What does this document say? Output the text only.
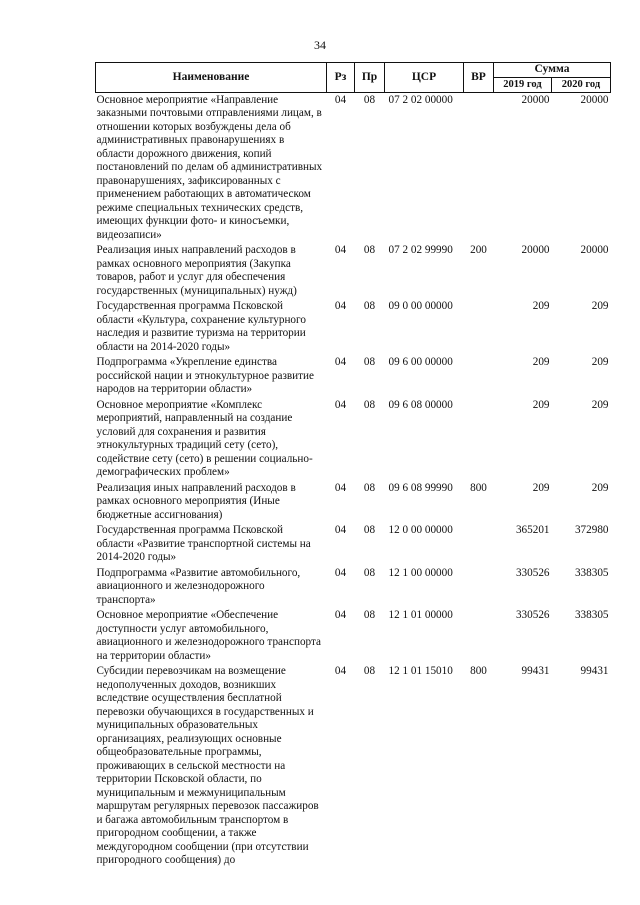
34
Наименование	Рз	Пр	ЦСР	ВР	Сумма	
					2019 год	2020 год
Основное мероприятие «Направление заказными почтовыми отправлениями лицам, в отношении которых возбуждены дела об административных правонарушениях в области дорожного движения, копий постановлений по делам об административных правонарушениях, зафиксированных с применением работающих в автоматическом режиме специальных технических средств, имеющих функции фото- и киносъемки, видеозаписи»	04	08	07 2 02 00000		20000	20000
Реализация иных направлений расходов в рамках основного мероприятия (Закупка товаров, работ и услуг для обеспечения государственных (муниципальных) нужд)	04	08	07 2 02 99990	200	20000	20000
Государственная программа Псковской области «Культура, сохранение культурного наследия и развитие туризма на территории области на 2014-2020 годы»	04	08	09 0 00 00000		209	209
Подпрограмма «Укрепление единства российской нации и этнокультурное развитие народов на территории области»	04	08	09 6 00 00000		209	209
Основное мероприятие «Комплекс мероприятий, направленный на создание условий для сохранения и развития этнокультурных традиций сету (сето), содействие сету (сето) в решении социально-демографических проблем»	04	08	09 6 08 00000		209	209
Реализация иных направлений расходов в рамках основного мероприятия (Иные бюджетные ассигнования)	04	08	09 6 08 99990	800	209	209
Государственная программа Псковской области «Развитие транспортной системы на 2014-2020 годы»	04	08	12 0 00 00000		365201	372980
Подпрограмма «Развитие автомобильного, авиационного и железнодорожного транспорта»	04	08	12 1 00 00000		330526	338305
Основное мероприятие «Обеспечение доступности услуг автомобильного, авиационного и железнодорожного транспорта на территории области»	04	08	12 1 01 00000		330526	338305
Субсидии перевозчикам на возмещение недополученных доходов, возникших вследствие осуществления бесплатной перевозки обучающихся в государственных и муниципальных образовательных организациях, реализующих основные общеобразовательные программы, проживающих в сельской местности на территории Псковской области, по муниципальным и межмуниципальным маршрутам регулярных перевозок пассажиров и багажа автомобильным транспортом в пригородном сообщении, а также междугородном сообщении (при отсутствии пригородного сообщения) до	04	08	12 1 01 15010	800	99431	99431
